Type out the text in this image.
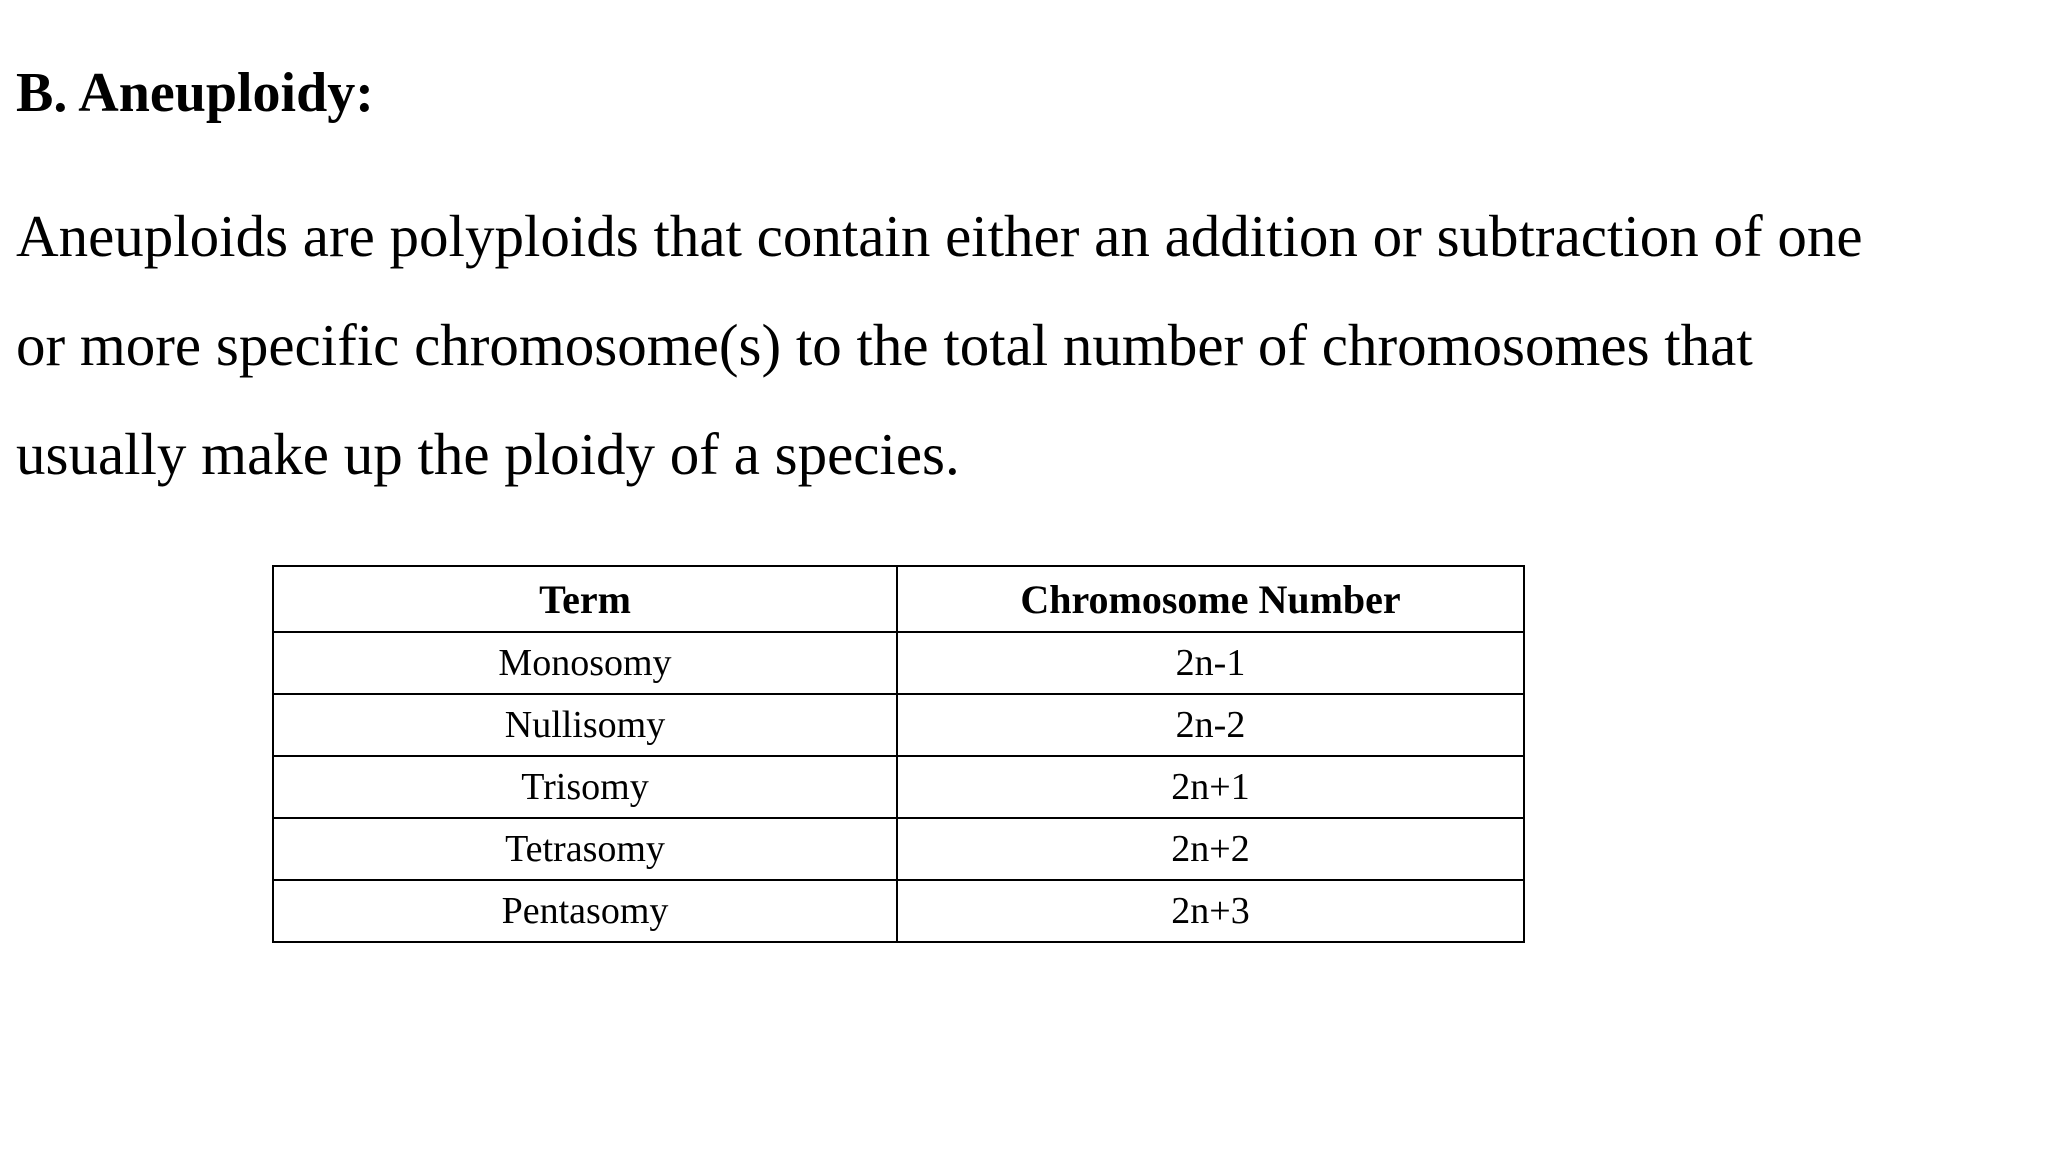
B. Aneuploidy:

Aneuploids are polyploids that contain either an addition or subtraction of one
or more specific chromosome(s) to the total number of chromosomes that
usually make up the ploidy of a species.

Term	Chromosome Number
Monosomy	2n-1
Nullisomy	2n-2
Trisomy	2n+1
Tetrasomy	2n+2
Pentasomy	2n+3
